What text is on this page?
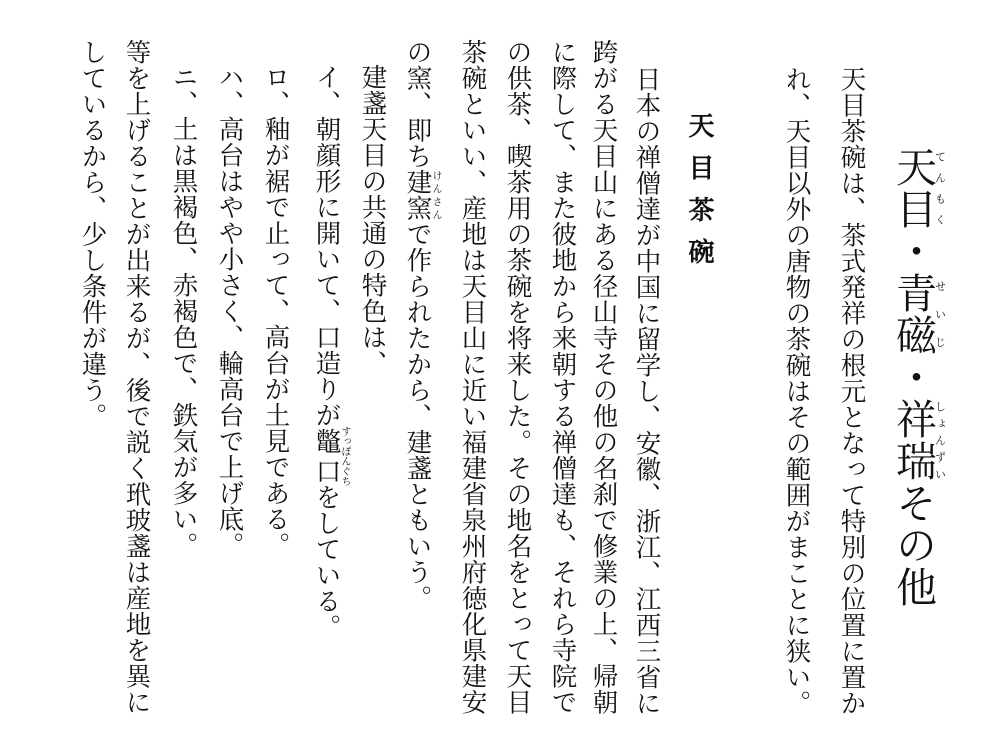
天目てんもく・青磁せいじ・祥瑞しょんずいその他
天目茶碗は、茶式発祥の根元となって特別の位置に置か
れ、天目以外の唐物の茶碗はその範囲がまことに狭い。
天目茶碗
日本の禅僧達が中国に留学し、安徽、浙江、江西三省に
跨がる天目山にある径山寺その他の名刹で修業の上、帰朝
に際して、また彼地から来朝する禅僧達も、それら寺院で
の供茶、喫茶用の茶碗を将来した。その地名をとって天目
茶碗といい、産地は天目山に近い福建省泉州府徳化県建安
の窯、即ち建窯けんさんで作られたから、建盞ともいう。
建盞天目の共通の特色は、
イ、朝顔形に開いて、口造りが鼈口すっぽんぐちをしている。
ロ、釉が裾で止って、高台が土見である。
ハ、高台はやや小さく、輪高台で上げ底。
ニ、土は黒褐色、赤褐色で、鉄気が多い。
等を上げることが出来るが、後で説く玳玻盞は産地を異に
しているから、少し条件が違う。
